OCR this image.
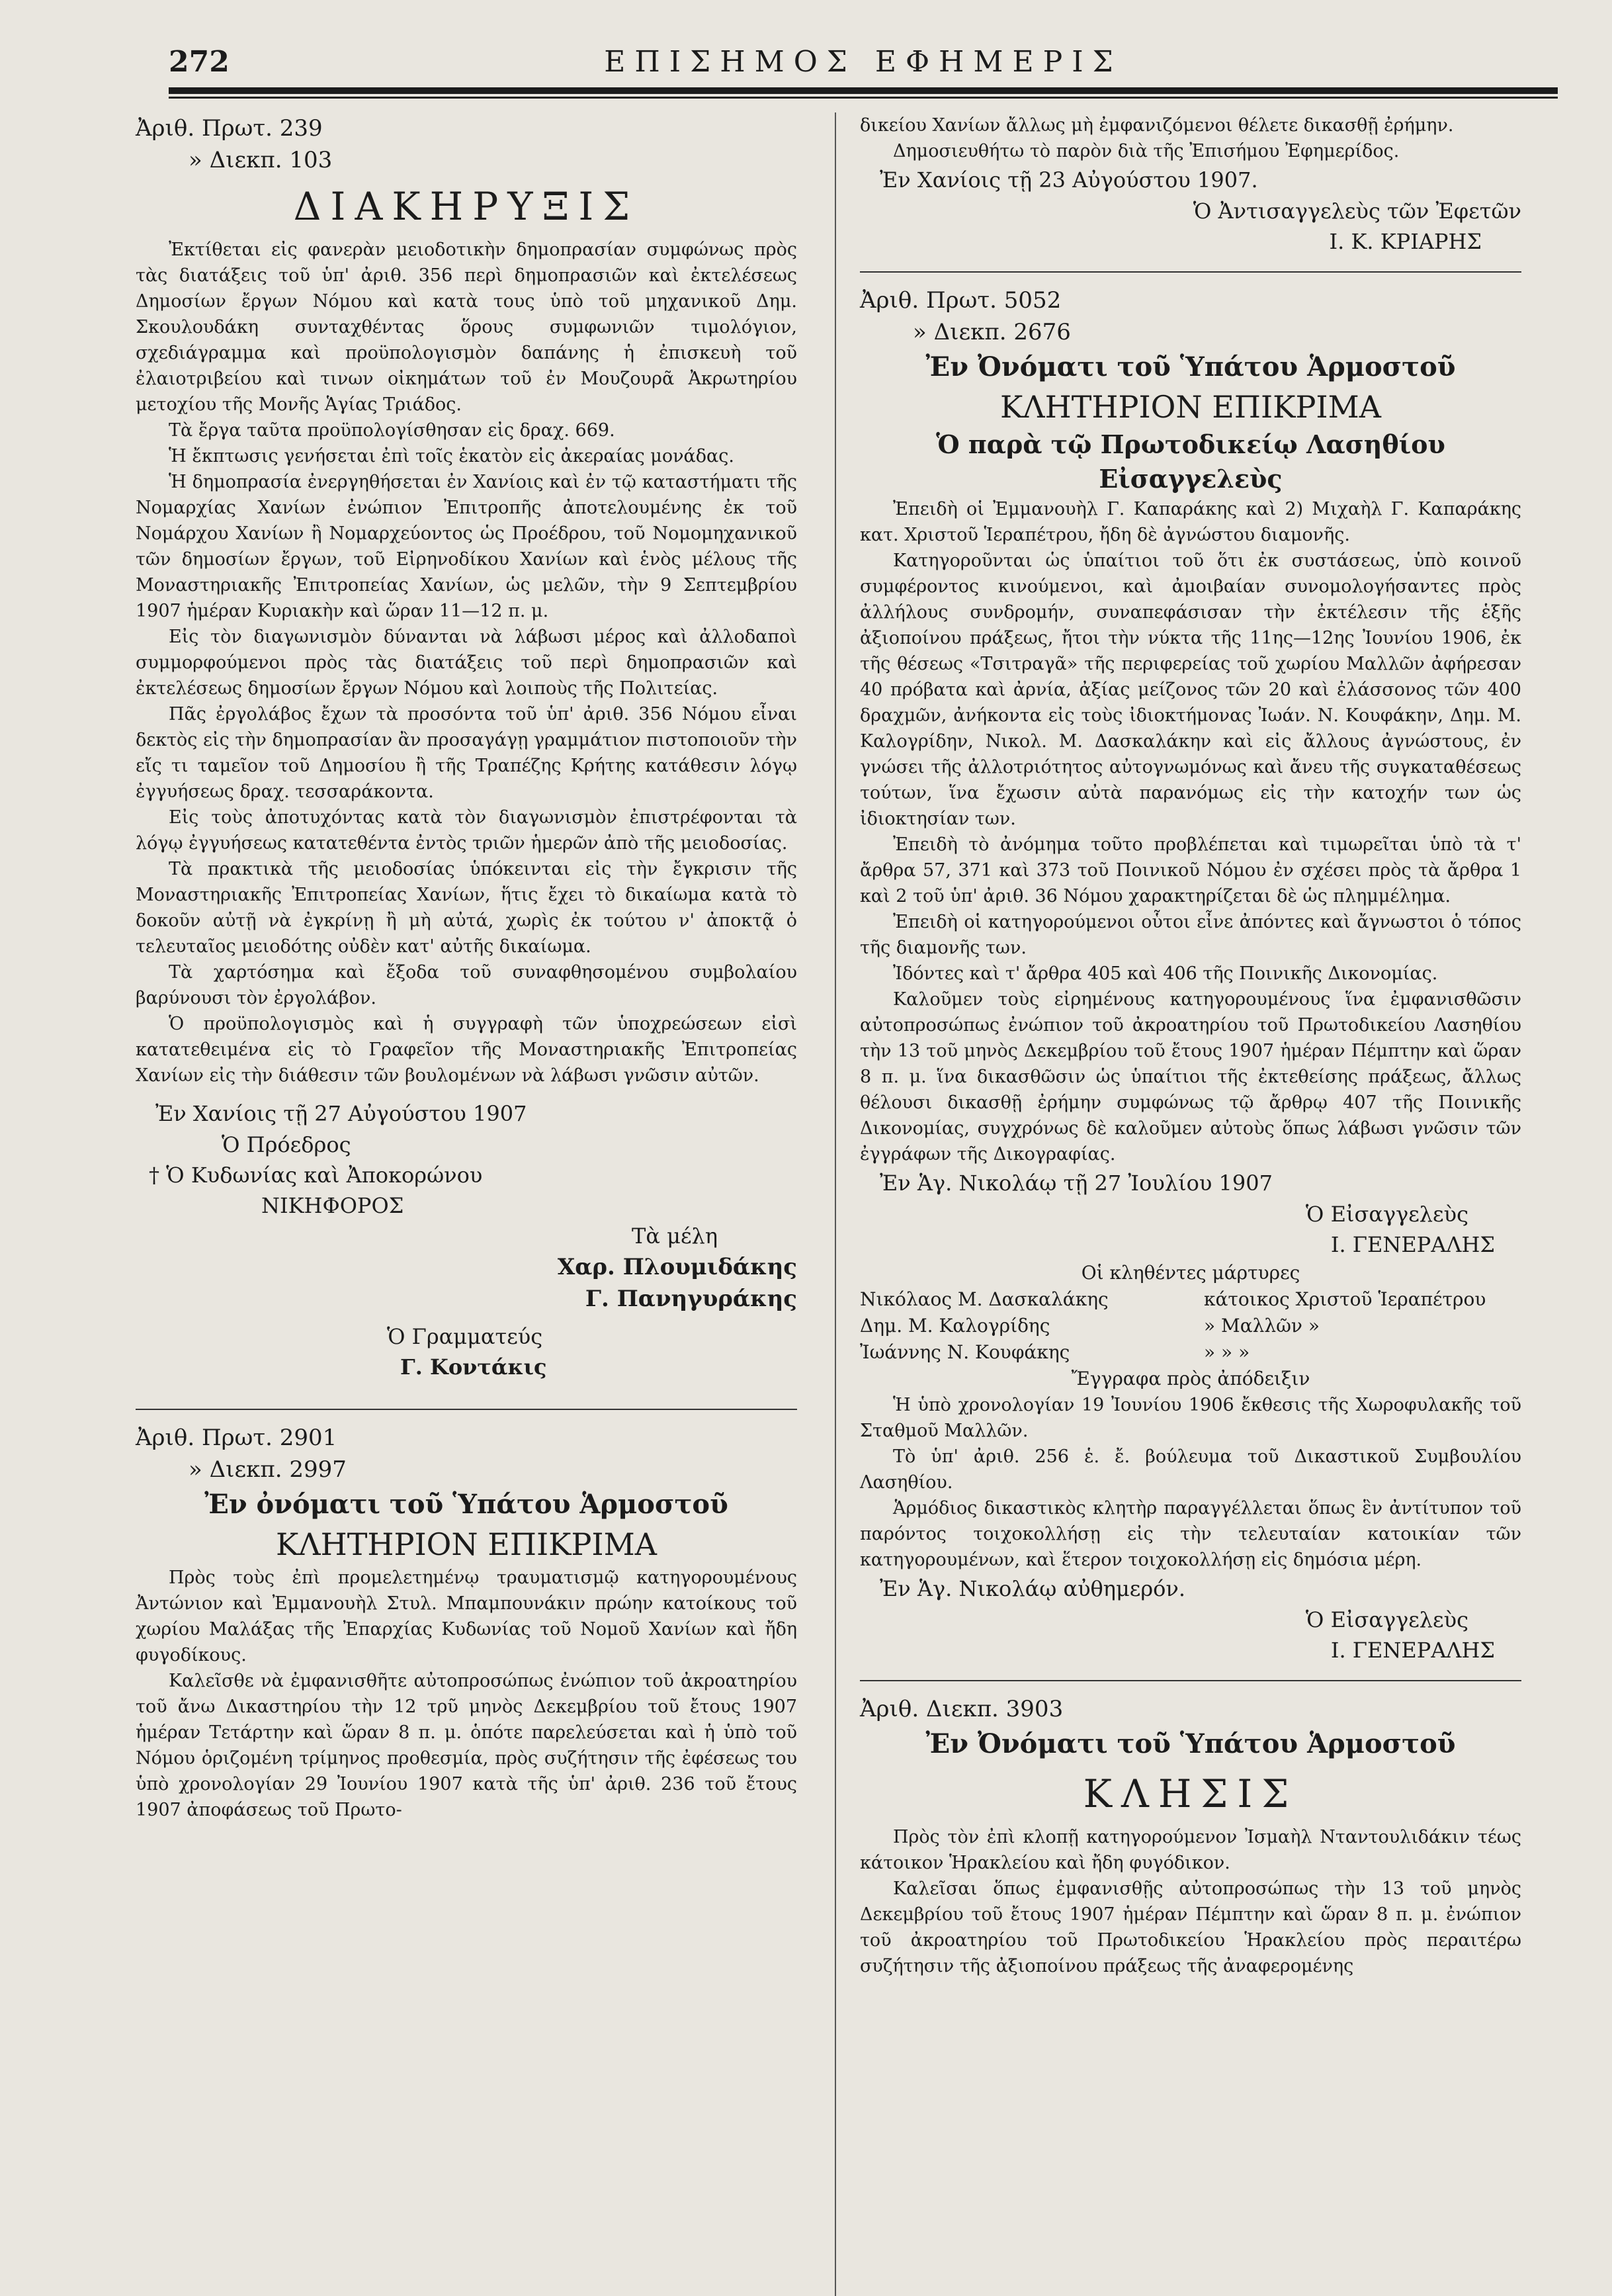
272	ΕΠΙΣΗΜΟΣ ΕΦΗΜΕΡΙΣ
Ἀριθ. Πρωτ. 239
» Διεκπ. 103
ΔΙΑΚΗΡΥΞΙΣ

Ἐκτίθεται εἰς φανερὰν μειοδοτικὴν δημοπρασίαν συμφώνως πρὸς τὰς διατάξεις τοῦ ὑπ' ἀριθ. 356 περὶ δημοπρασιῶν καὶ ἐκτελέσεως Δημοσίων ἔργων Νόμου καὶ κατὰ τους ὑπὸ τοῦ μηχανικοῦ Δημ. Σκουλουδάκη συνταχθέντας ὅρους συμφωνιῶν τιμολόγιον, σχεδιάγραμμα καὶ προϋπολογισμὸν δαπάνης ἡ ἐπισκευὴ τοῦ ἐλαιοτριβείου καὶ τινων οἰκημάτων τοῦ ἐν Μουζουρᾶ Ἀκρωτηρίου μετοχίου τῆς Μονῆς Ἁγίας Τριάδος.

Τὰ ἔργα ταῦτα προϋπολογίσθησαν εἰς δραχ. 669.

Ἡ ἔκπτωσις γενήσεται ἐπὶ τοῖς ἑκατὸν εἰς ἀκεραίας μονάδας.

Ἡ δημοπρασία ἐνεργηθήσεται ἐν Χανίοις καὶ ἐν τῷ καταστήματι τῆς Νομαρχίας Χανίων ἐνώπιον Ἐπιτροπῆς ἀποτελουμένης ἐκ τοῦ Νομάρχου Χανίων ἢ Νομαρχεύοντος ὡς Προέδρου, τοῦ Νομομηχανικοῦ τῶν δημοσίων ἔργων, τοῦ Εἰρηνοδίκου Χανίων καὶ ἑνὸς μέλους τῆς Μοναστηριακῆς Ἐπιτροπείας Χανίων, ὡς μελῶν, τὴν 9 Σεπτεμβρίου 1907 ἡμέραν Κυριακὴν καὶ ὥραν 11—12 π. μ.

Εἰς τὸν διαγωνισμὸν δύνανται νὰ λάβωσι μέρος καὶ ἀλλοδαποὶ συμμορφούμενοι πρὸς τὰς διατάξεις τοῦ περὶ δημοπρασιῶν καὶ ἐκτελέσεως δημοσίων ἔργων Νόμου καὶ λοιποὺς τῆς Πολιτείας.

Πᾶς ἐργολάβος ἔχων τὰ προσόντα τοῦ ὑπ' ἀριθ. 356 Νόμου εἶναι δεκτὸς εἰς τὴν δημοπρασίαν ἂν προσαγάγῃ γραμμάτιον πιστοποιοῦν τὴν εἴς τι ταμεῖον τοῦ Δημοσίου ἢ τῆς Τραπέζης Κρήτης κατάθεσιν λόγῳ ἐγγυήσεως δραχ. τεσσαράκοντα.

Εἰς τοὺς ἀποτυχόντας κατὰ τὸν διαγωνισμὸν ἐπιστρέφονται τὰ λόγῳ ἐγγυήσεως κατατεθέντα ἐντὸς τριῶν ἡμερῶν ἀπὸ τῆς μειοδοσίας.

Τὰ πρακτικὰ τῆς μειοδοσίας ὑπόκεινται εἰς τὴν ἔγκρισιν τῆς Μοναστηριακῆς Ἐπιτροπείας Χανίων, ἥτις ἔχει τὸ δικαίωμα κατὰ τὸ δοκοῦν αὐτῇ νὰ ἐγκρίνῃ ἢ μὴ αὐτά, χωρὶς ἐκ τούτου ν' ἀποκτᾷ ὁ τελευταῖος μειοδότης οὐδὲν κατ' αὐτῆς δικαίωμα.

Τὰ χαρτόσημα καὶ ἔξοδα τοῦ συναφθησομένου συμβολαίου βαρύνουσι τὸν ἐργολάβον.

Ὁ προϋπολογισμὸς καὶ ἡ συγγραφὴ τῶν ὑποχρεώσεων εἰσὶ κατατεθειμένα εἰς τὸ Γραφεῖον τῆς Μοναστηριακῆς Ἐπιτροπείας Χανίων εἰς τὴν διάθεσιν τῶν βουλομένων νὰ λάβωσι γνῶσιν αὐτῶν.

Ἐν Χανίοις τῇ 27 Αὐγούστου 1907
Ὁ Πρόεδρος
† Ὁ Κυδωνίας καὶ Ἀποκορώνου
ΝΙΚΗΦΟΡΟΣ
Τὰ μέλη
Χαρ. Πλουμιδάκης
Γ. Πανηγυράκης
Ὁ Γραμματεύς
Γ. Κοντάκις
Ἀριθ. Πρωτ. 2901
» Διεκπ. 2997
Ἐν ὀνόματι τοῦ Ὑπάτου Ἁρμοστοῦ
ΚΛΗΤΗΡΙΟΝ ΕΠΙΚΡΙΜΑ

Πρὸς τοὺς ἐπὶ προμελετημένῳ τραυματισμῷ κατηγορουμένους Ἀντώνιον καὶ Ἐμμανουὴλ Στυλ. Μπαμπουνάκιν πρώην κατοίκους τοῦ χωρίου Μαλάξας τῆς Ἐπαρχίας Κυδωνίας τοῦ Νομοῦ Χανίων καὶ ἤδη φυγοδίκους.

Καλεῖσθε νὰ ἐμφανισθῆτε αὐτοπροσώπως ἐνώπιον τοῦ ἀκροατηρίου τοῦ ἄνω Δικαστηρίου τὴν 12 τρῦ μηνὸς Δεκεμβρίου τοῦ ἔτους 1907 ἡμέραν Τετάρτην καὶ ὥραν 8 π. μ. ὁπότε παρελεύσεται καὶ ἡ ὑπὸ τοῦ Νόμου ὁριζομένη τρίμηνος προθεσμία, πρὸς συζήτησιν τῆς ἐφέσεως του ὑπὸ χρονολογίαν 29 Ἰουνίου 1907 κατὰ τῆς ὑπ' ἀριθ. 236 τοῦ ἔτους 1907 ἀποφάσεως τοῦ Πρωτο-

δικείου Χανίων ἄλλως μὴ ἐμφανιζόμενοι θέλετε δικασθῇ ἐρήμην.

Δημοσιευθήτω τὸ παρὸν διὰ τῆς Ἐπισήμου Ἐφημερίδος.

Ἐν Χανίοις τῇ 23 Αὐγούστου 1907.
Ὁ Ἀντισαγγελεὺς τῶν Ἐφετῶν
Ι. Κ. ΚΡΙΑΡΗΣ
Ἀριθ. Πρωτ. 5052
» Διεκπ. 2676
Ἐν Ὀνόματι τοῦ Ὑπάτου Ἁρμοστοῦ
ΚΛΗΤΗΡΙΟΝ ΕΠΙΚΡΙΜΑ
Ὁ παρὰ τῷ Πρωτοδικείῳ Λασηθίου
Εἰσαγγελεὺς

Ἐπειδὴ οἱ Ἐμμανουὴλ Γ. Καπαράκης καὶ 2) Μιχαὴλ Γ. Καπαράκης κατ. Χριστοῦ Ἱεραπέτρου, ἤδη δὲ ἀγνώστου διαμονῆς.

Κατηγοροῦνται ὡς ὑπαίτιοι τοῦ ὅτι ἐκ συστάσεως, ὑπὸ κοινοῦ συμφέροντος κινούμενοι, καὶ ἀμοιβαίαν συνομολογήσαντες πρὸς ἀλλήλους συνδρομήν, συναπεφάσισαν τὴν ἐκτέλεσιν τῆς ἑξῆς ἀξιοποίνου πράξεως, ἤτοι τὴν νύκτα τῆς 11ης—12ης Ἰουνίου 1906, ἐκ τῆς θέσεως «Τσιτραγᾶ» τῆς περιφερείας τοῦ χωρίου Μαλλῶν ἀφήρεσαν 40 πρόβατα καὶ ἀρνία, ἀξίας μείζονος τῶν 20 καὶ ἐλάσσονος τῶν 400 δραχμῶν, ἀνήκοντα εἰς τοὺς ἰδιοκτήμονας Ἰωάν. Ν. Κουφάκην, Δημ. Μ. Καλογρίδην, Νικολ. Μ. Δασκαλάκην καὶ εἰς ἄλλους ἀγνώστους, ἐν γνώσει τῆς ἀλλοτριότητος αὐτογνωμόνως καὶ ἄνευ τῆς συγκαταθέσεως τούτων, ἵνα ἔχωσιν αὐτὰ παρανόμως εἰς τὴν κατοχήν των ὡς ἰδιοκτησίαν των.

Ἐπειδὴ τὸ ἀνόμημα τοῦτο προβλέπεται καὶ τιμωρεῖται ὑπὸ τὰ τ' ἄρθρα 57, 371 καὶ 373 τοῦ Ποινικοῦ Νόμου ἐν σχέσει πρὸς τὰ ἄρθρα 1 καὶ 2 τοῦ ὑπ' ἀριθ. 36 Νόμου χαρακτηρίζεται δὲ ὡς πλημμέλημα.

Ἐπειδὴ οἱ κατηγορούμενοι οὗτοι εἶνε ἀπόντες καὶ ἄγνωστοι ὁ τόπος τῆς διαμονῆς των.

Ἰδόντες καὶ τ' ἄρθρα 405 καὶ 406 τῆς Ποινικῆς Δικονομίας.

Καλοῦμεν τοὺς εἰρημένους κατηγορουμένους ἵνα ἐμφανισθῶσιν αὐτοπροσώπως ἐνώπιον τοῦ ἀκροατηρίου τοῦ Πρωτοδικείου Λασηθίου τὴν 13 τοῦ μηνὸς Δεκεμβρίου τοῦ ἔτους 1907 ἡμέραν Πέμπτην καὶ ὥραν 8 π. μ. ἵνα δικασθῶσιν ὡς ὑπαίτιοι τῆς ἐκτεθείσης πράξεως, ἄλλως θέλουσι δικασθῇ ἐρήμην συμφώνως τῷ ἄρθρῳ 407 τῆς Ποινικῆς Δικονομίας, συγχρόνως δὲ καλοῦμεν αὐτοὺς ὅπως λάβωσι γνῶσιν τῶν ἐγγράφων τῆς Δικογραφίας.

Ἐν Ἁγ. Νικολάῳ τῇ 27 Ἰουλίου 1907
Ὁ Εἰσαγγελεὺς
Ι. ΓΕΝΕΡΑΛΗΣ
Οἱ κληθέντες μάρτυρες
Νικόλαος Μ. Δασκαλάκης	κάτοικος Χριστοῦ Ἱεραπέτρου
Δημ. Μ. Καλογρίδης	» Μαλλῶν »
Ἰωάννης Ν. Κουφάκης	» » »
Ἔγγραφα πρὸς ἀπόδειξιν

Ἡ ὑπὸ χρονολογίαν 19 Ἰουνίου 1906 ἔκθεσις τῆς Χωροφυλακῆς τοῦ Σταθμοῦ Μαλλῶν.

Τὸ ὑπ' ἀριθ. 256 ἑ. ἔ. βούλευμα τοῦ Δικαστικοῦ Συμβουλίου Λασηθίου.

Ἁρμόδιος δικαστικὸς κλητὴρ παραγγέλλεται ὅπως ἓν ἀντίτυπον τοῦ παρόντος τοιχοκολλήσῃ εἰς τὴν τελευταίαν κατοικίαν τῶν κατηγορουμένων, καὶ ἕτερον τοιχοκολλήσῃ εἰς δημόσια μέρη.

Ἐν Ἁγ. Νικολάῳ αὐθημερόν.
Ὁ Εἰσαγγελεὺς
Ι. ΓΕΝΕΡΑΛΗΣ
Ἀριθ. Διεκπ. 3903
Ἐν Ὀνόματι τοῦ Ὑπάτου Ἁρμοστοῦ
ΚΛΗΣΙΣ

Πρὸς τὸν ἐπὶ κλοπῇ κατηγορούμενον Ἰσμαὴλ Νταντουλιδάκιν τέως κάτοικον Ἡρακλείου καὶ ἤδη φυγόδικον.

Καλεῖσαι ὅπως ἐμφανισθῇς αὐτοπροσώπως τὴν 13 τοῦ μηνὸς Δεκεμβρίου τοῦ ἔτους 1907 ἡμέραν Πέμπτην καὶ ὥραν 8 π. μ. ἐνώπιον τοῦ ἀκροατηρίου τοῦ Πρωτοδικείου Ἡρακλείου πρὸς περαιτέρω συζήτησιν τῆς ἀξιοποίνου πράξεως τῆς ἀναφερομένης
